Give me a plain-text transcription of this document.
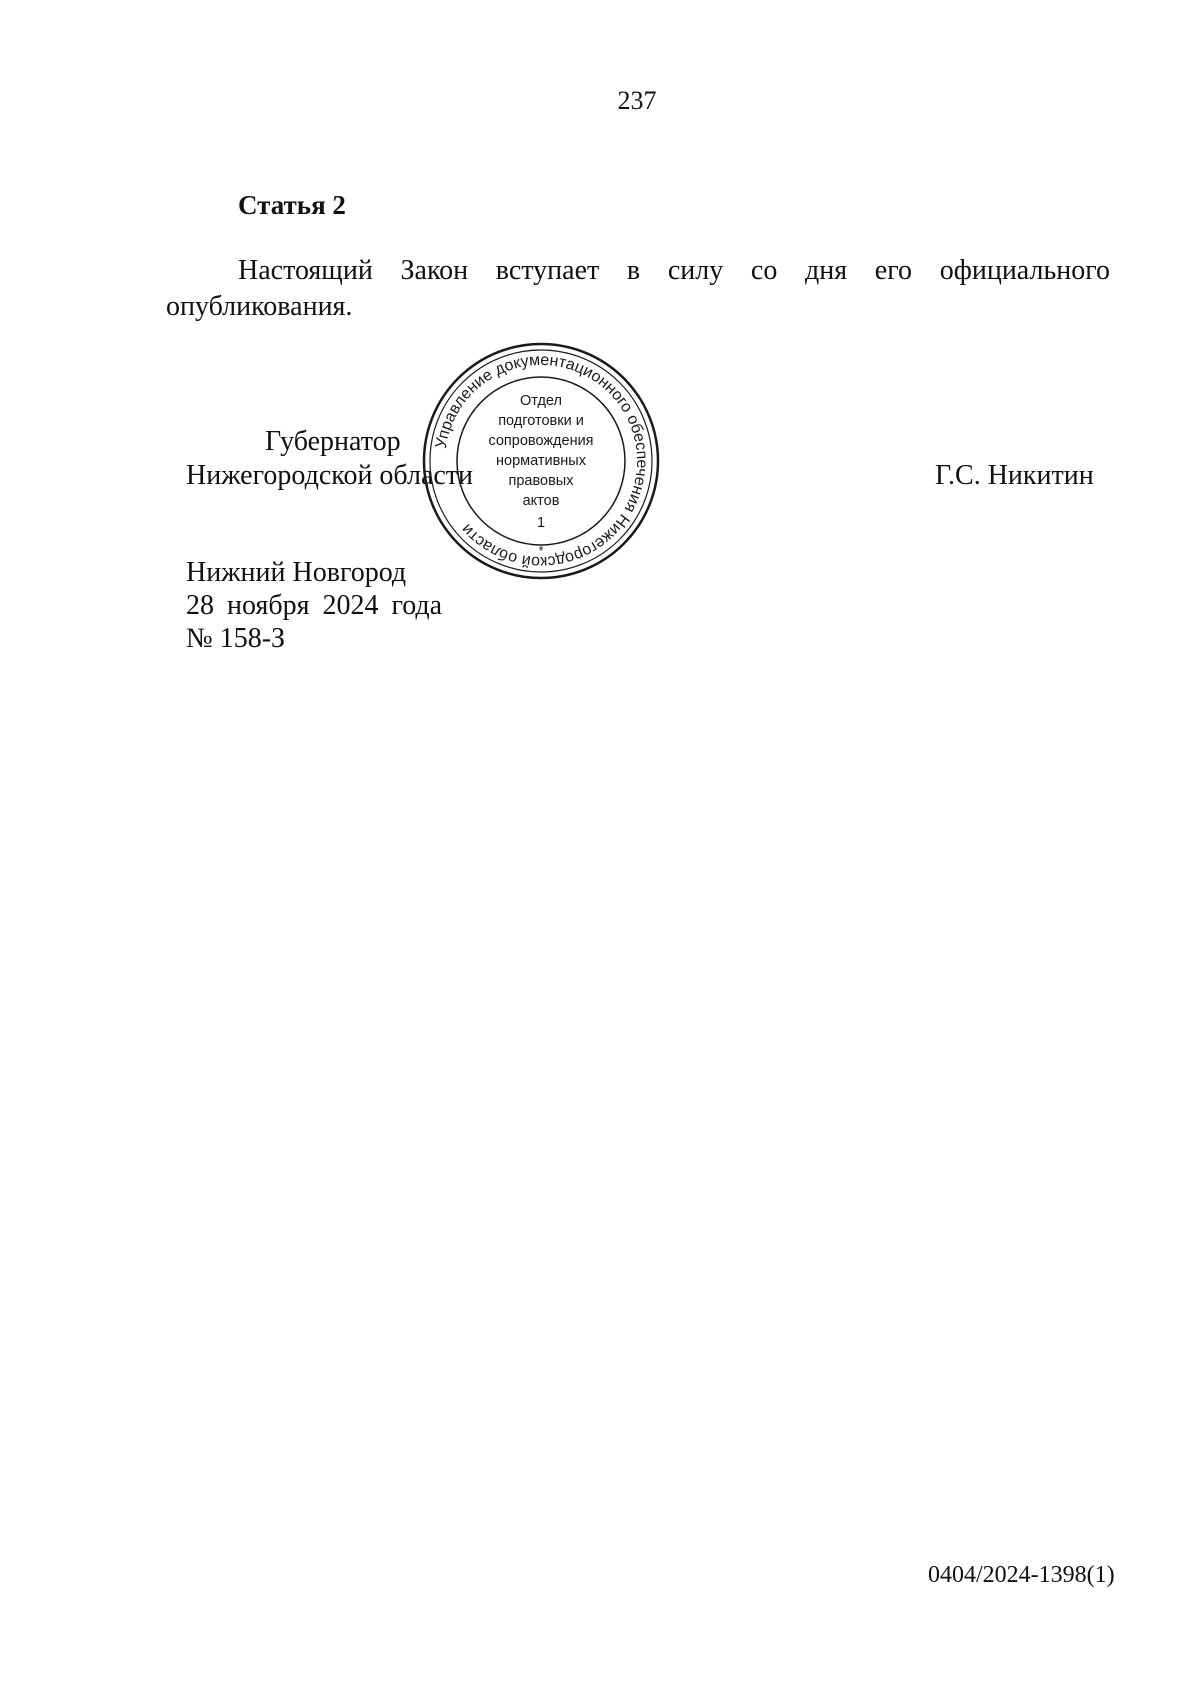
237
Статья 2
Настоящий Закон вступает в силу со дня его официального
опубликования.
Губернатор
Нижегородской области	Г.С. Никитин
Нижний Новгород
28 ноября 2024 года
№ 158-З
Управление документационного обеспечения Нижегородской области
Отдел
подготовки и
сопровождения
нормативных
правовых
актов
1
*
0404/2024-1398(1)
